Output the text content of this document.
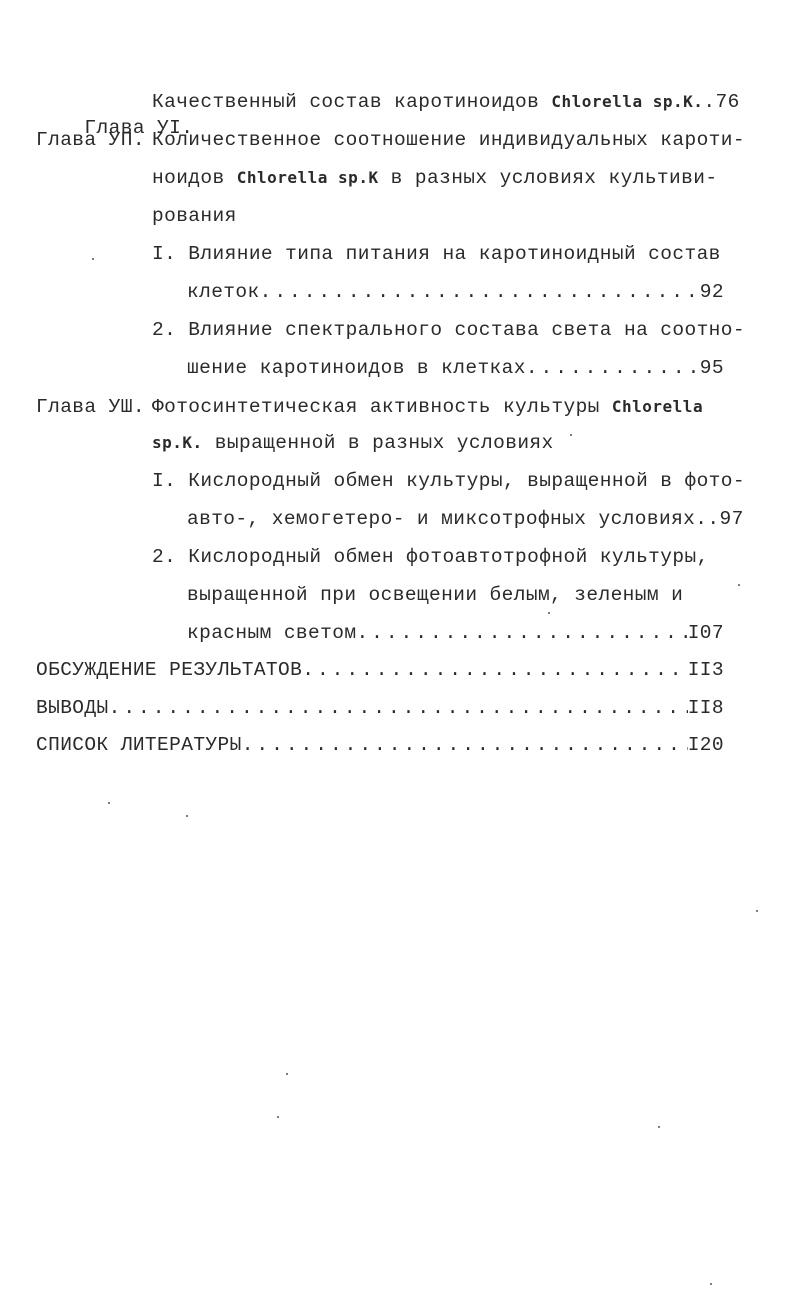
Глава УI.

Качественный состав каротиноидов Chlorella sp.K..76
Глава УП. Количественное соотношение индивидуальных кароти-
ноидов Chlorella sp.K в разных условиях культиви-
рования
I. Влияние типа питания на каротиноидный состав
клеток .....	92
2. Влияние спектрального состава света на соотно-
шение каротиноидов в клетках .....	95
Глава УШ. Фотосинтетическая активность культуры Chlorella
sp.K. выращенной в разных условиях
I. Кислородный обмен культуры, выращенной в фото-
авто-, хемогетеро- и миксотрофных условиях..97
2. Кислородный обмен фотоавтотрофной культуры,
выращенной при освещении белым, зеленым и
красным светом .....	I07
ОБСУЖДЕНИЕ РЕЗУЛЬТАТОВ .....	II3
ВЫВОДЫ .....	II8
СПИСОК ЛИТЕРАТУРЫ .....	I20
